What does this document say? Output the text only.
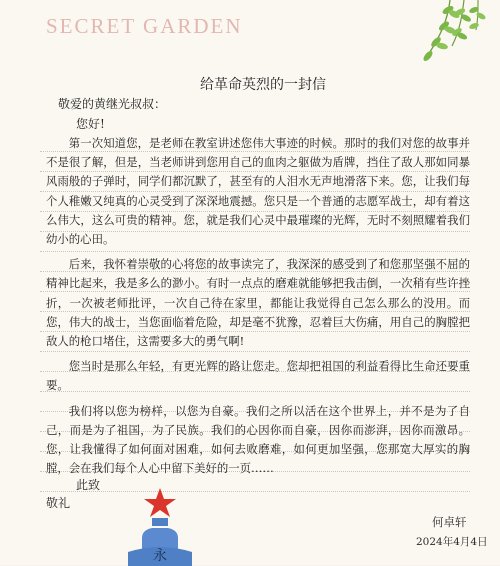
SECRET GARDEN
给革命英烈的一封信
敬爱的黄继光叔叔：
您好!

第一次知道您，是老师在教室讲述您伟大事迹的时候。那时的我们对您的故事并不是很了解，但是，当老师讲到您用自己的血肉之躯做为盾牌，挡住了敌人那如同暴风雨般的子弹时，同学们都沉默了，甚至有的人泪水无声地滑落下来。您，让我们每个人稚嫩又纯真的心灵受到了深深地震撼。您只是一个普通的志愿军战士，却有着这么伟大，这么可贵的精神。您，就是我们心灵中最璀璨的光辉，无时不刻照耀着我们幼小的心田。

后来，我怀着崇敬的心将您的故事读完了，我深深的感受到了和您那坚强不屈的精神比起来，我是多么的渺小。有时一点点的磨难就能够把我击倒，一次稍有些许挫折，一次被老师批评，一次自己待在家里，都能让我觉得自己怎么那么的没用。而您，伟大的战士，当您面临着危险，却是毫不犹豫，忍着巨大伤痛，用自己的胸膛把敌人的枪口堵住，这需要多大的勇气啊!

您当时是那么年轻，有更光辉的路让您走。您却把祖国的利益看得比生命还要重要。

我们将以您为榜样，以您为自豪。我们之所以活在这个世界上，并不是为了自己，而是为了祖国，为了民族。我们的心因你而自豪，因你而澎湃，因你而激昂。您，让我懂得了如何面对困难，如何去败磨难，如何更加坚强，您那宽大厚实的胸膛，会在我们每个人心中留下美好的一页……

此致
敬礼
永
何卓轩
2024年4月4日
